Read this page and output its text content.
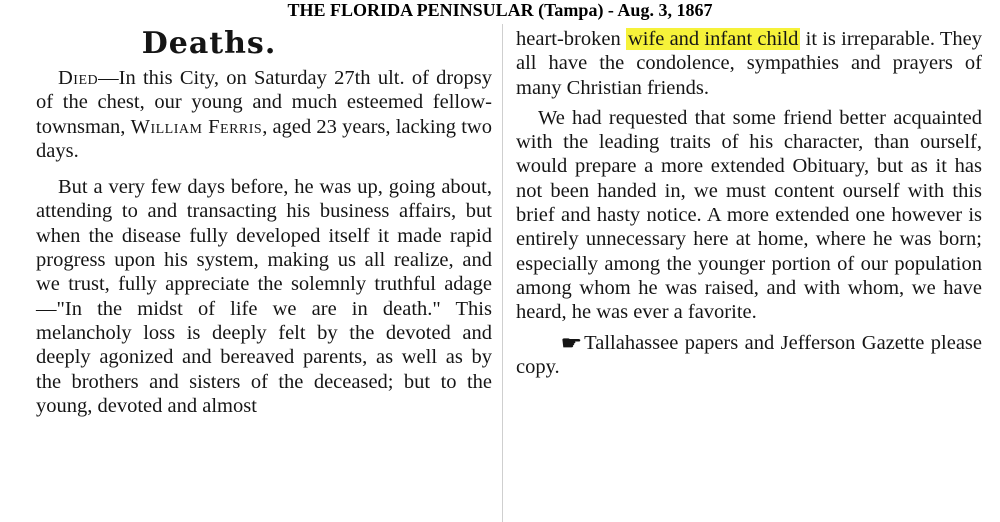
THE FLORIDA PENINSULAR (Tampa) - Aug. 3, 1867
Deaths.

Died—In this City, on Saturday 27th ult. of dropsy of the chest, our young and much esteemed fellow-townsman, William Ferris, aged 23 years, lacking two days.

But a very few days before, he was up, going about, attending to and transacting his business affairs, but when the disease fully developed itself it made rapid progress upon his system, making us all realize, and we trust, fully appreciate the solemnly truthful adage—"In the midst of life we are in death." This melancholy loss is deeply felt by the devoted and deeply agonized and bereaved parents, as well as by the brothers and sisters of the deceased; but to the young, devoted and almost

heart-broken wife and infant child it is irreparable. They all have the condolence, sympathies and prayers of many Christian friends.

We had requested that some friend better acquainted with the leading traits of his character, than ourself, would prepare a more extended Obituary, but as it has not been handed in, we must content ourself with this brief and hasty notice. A more extended one however is entirely unnecessary here at home, where he was born; especially among the younger portion of our population among whom he was raised, and with whom, we have heard, he was ever a favorite.

☛ Tallahassee papers and Jefferson Gazette please copy.
